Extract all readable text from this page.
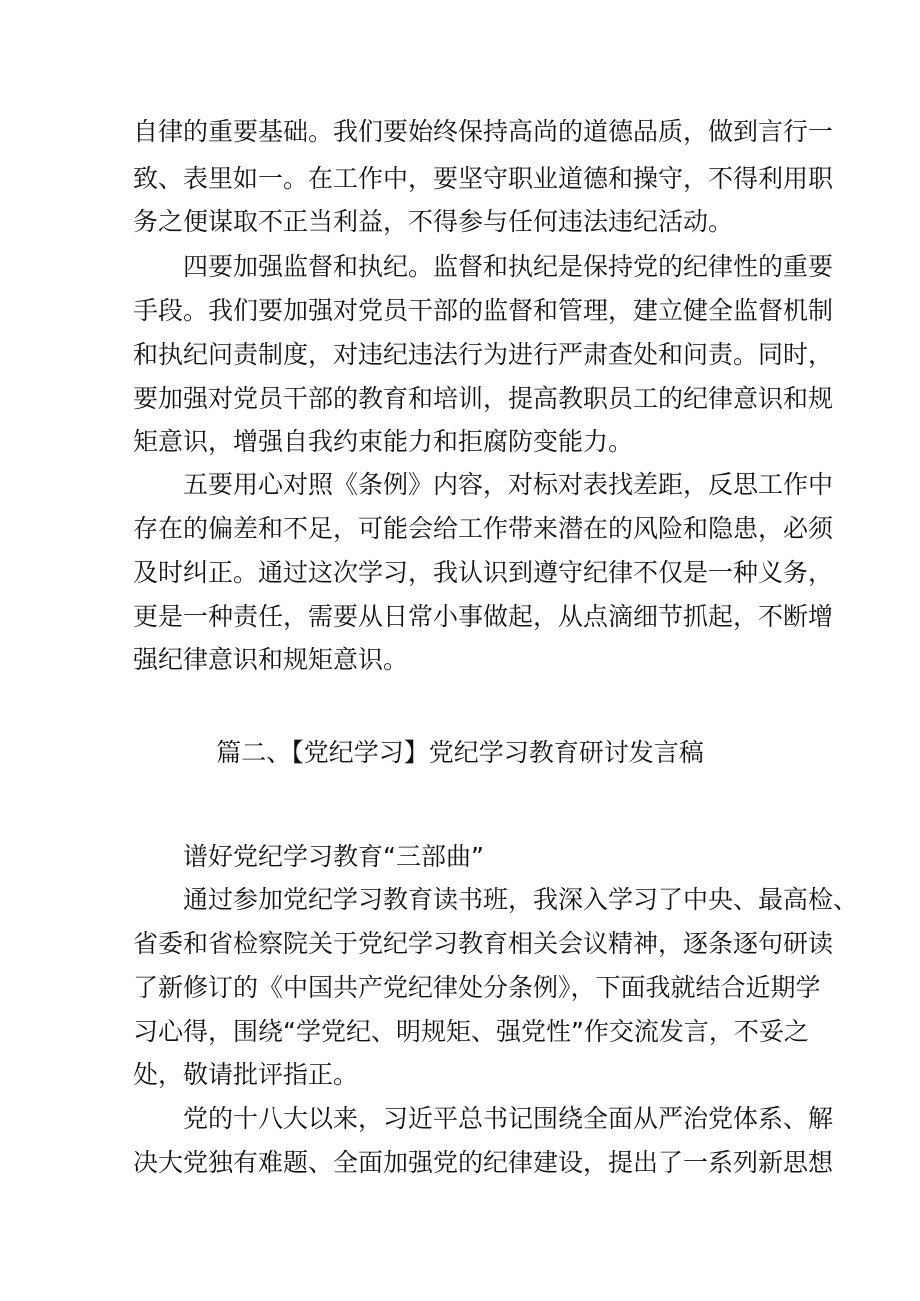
自律的重要基础。我们要始终保持高尚的道德品质，做到言行一
致、表里如一。在工作中，要坚守职业道德和操守，不得利用职
务之便谋取不正当利益，不得参与任何违法违纪活动。
四要加强监督和执纪。监督和执纪是保持党的纪律性的重要
手段。我们要加强对党员干部的监督和管理，建立健全监督机制
和执纪问责制度，对违纪违法行为进行严肃查处和问责。同时，
要加强对党员干部的教育和培训，提高教职员工的纪律意识和规
矩意识，增强自我约束能力和拒腐防变能力。
五要用心对照《条例》内容，对标对表找差距，反思工作中
存在的偏差和不足，可能会给工作带来潜在的风险和隐患，必须
及时纠正。通过这次学习，我认识到遵守纪律不仅是一种义务，
更是一种责任，需要从日常小事做起，从点滴细节抓起，不断增
强纪律意识和规矩意识。
篇二、【党纪学习】党纪学习教育研讨发言稿
谱好党纪学习教育“三部曲”
通过参加党纪学习教育读书班，我深入学习了中央、最高检、
省委和省检察院关于党纪学习教育相关会议精神，逐条逐句研读
了新修订的《中国共产党纪律处分条例》，下面我就结合近期学
习心得，围绕“学党纪、明规矩、强党性”作交流发言，不妥之
处，敬请批评指正。
党的十八大以来，习近平总书记围绕全面从严治党体系、解
决大党独有难题、全面加强党的纪律建设，提出了一系列新思想
